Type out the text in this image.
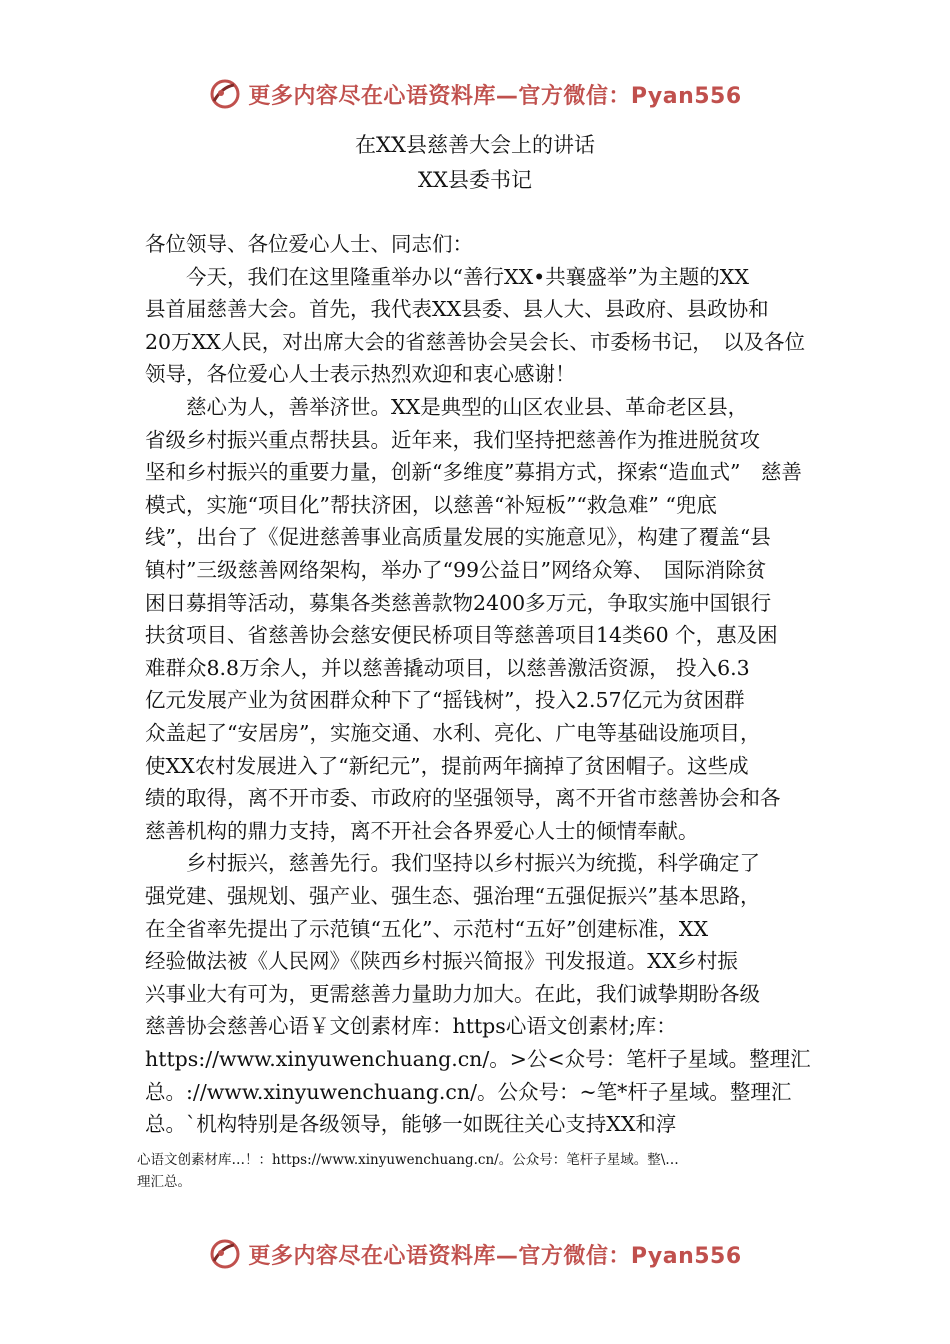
更多内容尽在心语资料库—官方微信：Pyan556
在XX县慈善大会上的讲话
XX县委书记
各位领导、各位爱心人士、同志们：
　　今天，我们在这里隆重举办以“善行XX•共襄盛举”为主题的XX
县首届慈善大会。首先，我代表XX县委、县人大、县政府、县政协和
20万XX人民，对出席大会的省慈善协会吴会长、市委杨书记，　以及各位
领导，各位爱心人士表示热烈欢迎和衷心感谢！
　　慈心为人，善举济世。XX是典型的山区农业县、革命老区县，
省级乡村振兴重点帮扶县。近年来，我们坚持把慈善作为推进脱贫攻
坚和乡村振兴的重要力量，创新“多维度”募捐方式，探索“造血式”　慈善
模式，实施“项目化”帮扶济困，以慈善“补短板”“救急难” “兜底
线”，出台了《促进慈善事业高质量发展的实施意见》，构建了覆盖“县
镇村”三级慈善网络架构，举办了“99公益日”网络众筹、　国际消除贫
困日募捐等活动，募集各类慈善款物2400多万元，争取实施中国银行
扶贫项目、省慈善协会慈安便民桥项目等慈善项目14类60 个，惠及困
难群众8.8万余人，并以慈善撬动项目，以慈善激活资源， 投入6.3
亿元发展产业为贫困群众种下了“摇钱树”，投入2.57亿元为贫困群
众盖起了“安居房”，实施交通、水利、亮化、广电等基础设施项目，
使XX农村发展进入了“新纪元”，提前两年摘掉了贫困帽子。这些成
绩的取得，离不开市委、市政府的坚强领导，离不开省市慈善协会和各
慈善机构的鼎力支持，离不开社会各界爱心人士的倾情奉献。
　　乡村振兴，慈善先行。我们坚持以乡村振兴为统揽，科学确定了
强党建、强规划、强产业、强生态、强治理“五强促振兴”基本思路，
在全省率先提出了示范镇“五化”、示范村“五好”创建标准，XX
经验做法被《人民网》《陕西乡村振兴简报》刊发报道。XX乡村振
兴事业大有可为，更需慈善力量助力加大。在此，我们诚挚期盼各级
慈善协会慈善心语￥文创素材库：https心语文创素材;库：
https://www.xinyuwenchuang.cn/。>公<众号：笔杆子星域。整理汇
总。://www.xinyuwenchuang.cn/。公众号：~笔*杆子星域。整理汇
总。`机构特别是各级领导，能够一如既往关心支持XX和淳
心语文创素材库…！：https://www.xinyuwenchuang.cn/。公众号：笔杆子星域。整\…
理汇总。
更多内容尽在心语资料库—官方微信：Pyan556
